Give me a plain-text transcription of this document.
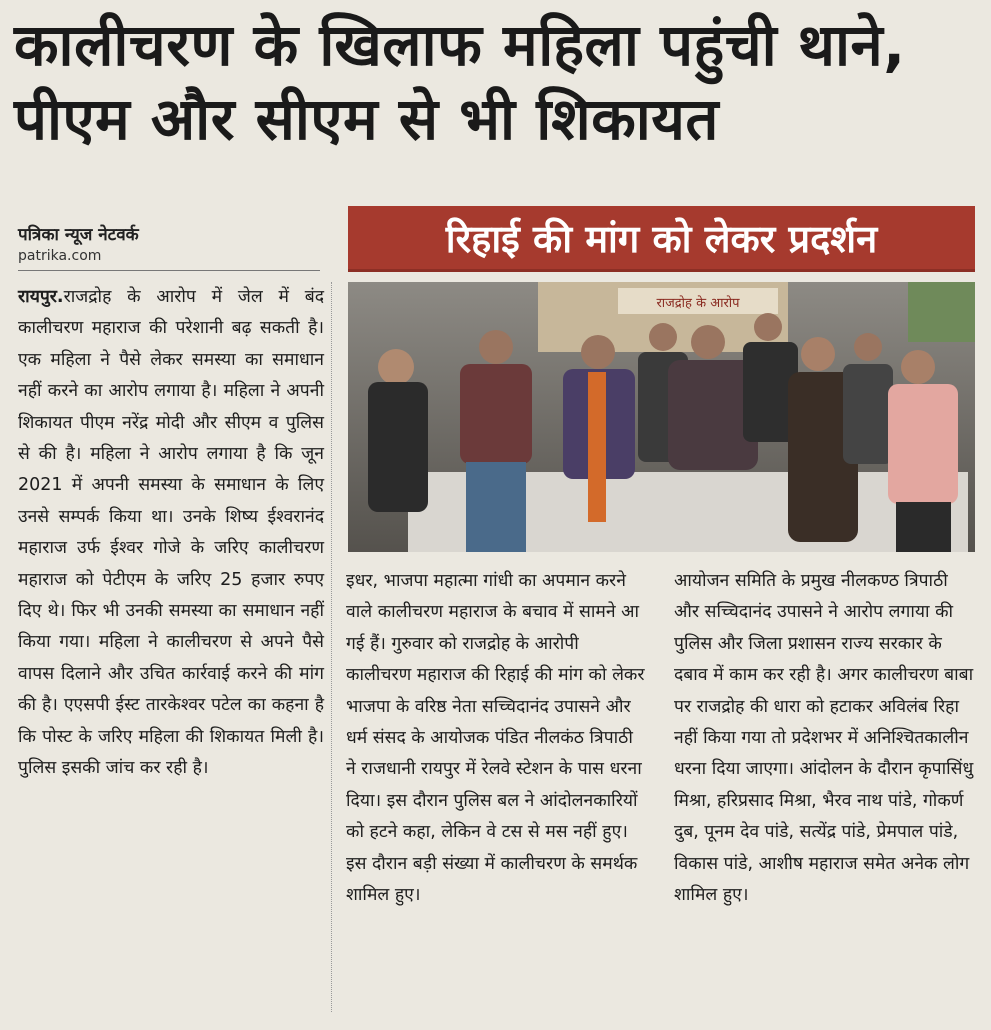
कालीचरण के खिलाफ महिला पहुंची थाने, पीएम और सीएम से भी शिकायत
पत्रिका न्यूज नेटवर्क
patrika.com
रायपुर.राजद्रोह के आरोप में जेल में बंद कालीचरण महाराज की परेशानी बढ़ सकती है। एक महिला ने पैसे लेकर समस्या का समाधान नहीं करने का आरोप लगाया है। महिला ने अपनी शिकायत पीएम नरेंद्र मोदी और सीएम व पुलिस से की है। महिला ने आरोप लगाया है कि जून 2021 में अपनी समस्या के समाधान के लिए उनसे सम्पर्क किया था। उनके शिष्य ईश्वरानंद महाराज उर्फ ईश्वर गोजे के जरिए कालीचरण महाराज को पेटीएम के जरिए 25 हजार रुपए दिए थे। फिर भी उनकी समस्या का समाधान नहीं किया गया। महिला ने कालीचरण से अपने पैसे वापस दिलाने और उचित कार्रवाई करने की मांग की है। एएसपी ईस्ट तारकेश्वर पटेल का कहना है कि पोस्ट के जरिए महिला की शिकायत मिली है। पुलिस इसकी जांच कर रही है।
रिहाई की मांग को लेकर प्रदर्शन
राजद्रोह के आरोप
इधर, भाजपा महात्मा गांधी का अपमान करने वाले कालीचरण महाराज के बचाव में सामने आ गई हैं। गुरुवार को राजद्रोह के आरोपी कालीचरण महाराज की रिहाई की मांग को लेकर भाजपा के वरिष्ठ नेता सच्चिदानंद उपासने और धर्म संसद के आयोजक पंडित नीलकंठ त्रिपाठी ने राजधानी रायपुर में रेलवे स्टेशन के पास धरना दिया। इस दौरान पुलिस बल ने आंदोलनकारियों को हटने कहा, लेकिन वे टस से मस नहीं हुए। इस दौरान बड़ी संख्या में कालीचरण के समर्थक शामिल हुए।
आयोजन समिति के प्रमुख नीलकण्ठ त्रिपाठी और सच्चिदानंद उपासने ने आरोप लगाया की पुलिस और जिला प्रशासन राज्य सरकार के दबाव में काम कर रही है। अगर कालीचरण बाबा पर राजद्रोह की धारा को हटाकर अविलंब रिहा नहीं किया गया तो प्रदेशभर में अनिश्चितकालीन धरना दिया जाएगा। आंदोलन के दौरान कृपासिंधु मिश्रा, हरिप्रसाद मिश्रा, भैरव नाथ पांडे, गोकर्ण दुब, पूनम देव पांडे, सत्येंद्र पांडे, प्रेमपाल पांडे, विकास पांडे, आशीष महाराज समेत अनेक लोग शामिल हुए।
